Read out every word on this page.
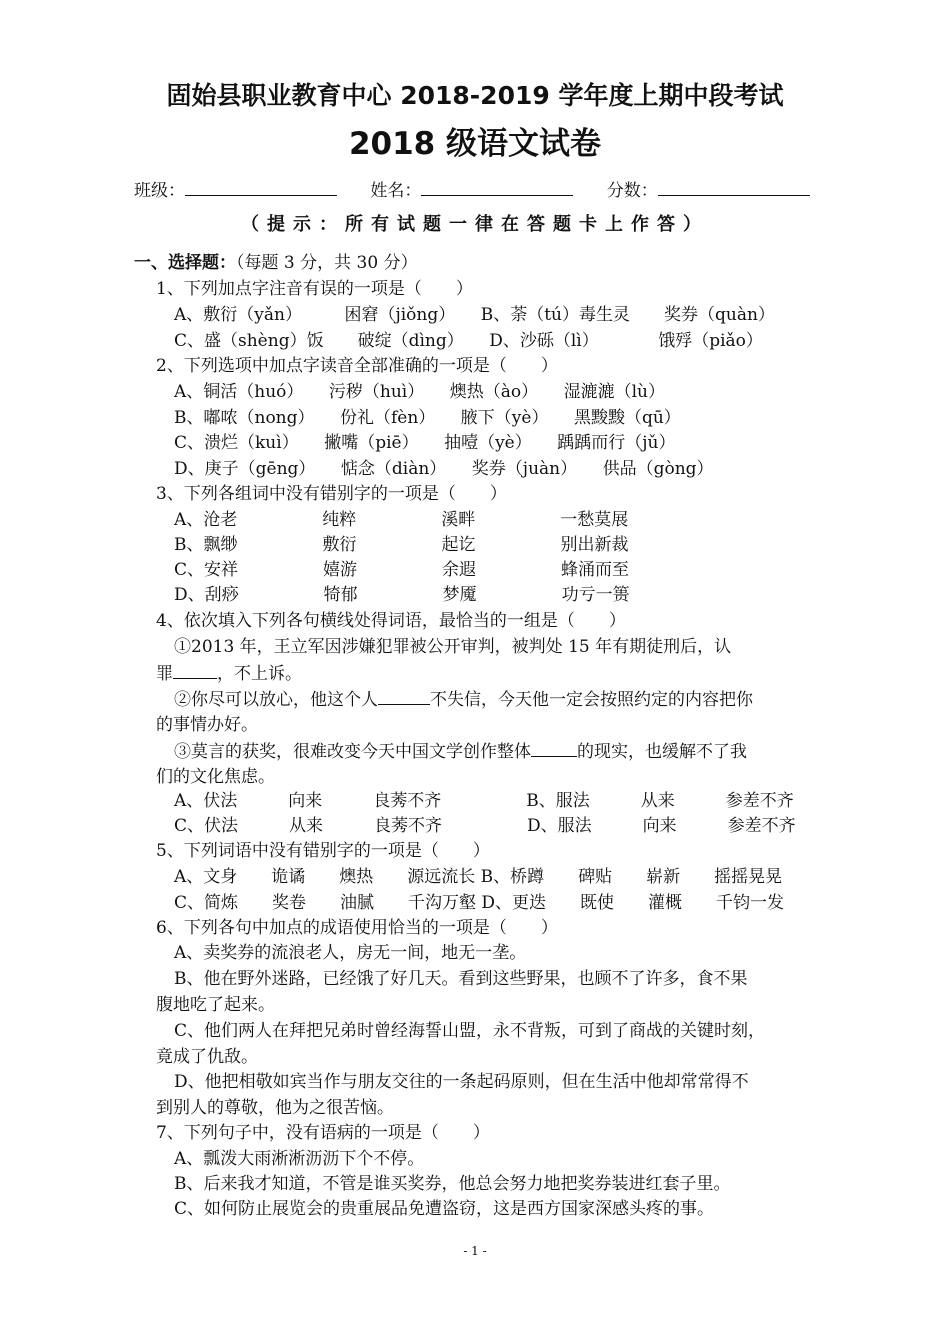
固始县职业教育中心 2018-2019 学年度上期中段考试
2018 级语文试卷
班级：	姓名：	分数：
（提示：所有试题一律在答题卡上作答）
一、选择题：（每题 3 分，共 30 分）
1、下列加点字注音有误的一项是（　　）
A、敷衍（yǎn）　　　困窘（jiǒng）　　B、荼（tú）毒生灵　　奖券（quàn）
C、盛（shèng）饭　　破绽（dìng）　　D、沙砾（lì）　　　　饿殍（piǎo）
2、下列选项中加点字读音全部准确的一项是（　　）
A、铜活（huó）　　污秽（huì）　　燠热（ào）　　湿漉漉（lù）
B、嘟哝（nong）　　份礼（fèn）　　腋下（yè）　　黑黢黢（qū）
C、溃烂（kuì）　　撇嘴（piē）　　抽噎（yè）　　踽踽而行（jǔ）
D、庚子（gēng）　　惦念（diàn）　　奖券（juàn）　　供品（gòng）
3、下列各组词中没有错别字的一项是（　　）
A、沧老　　　　　纯粹　　　　　溪畔　　　　　一愁莫展
B、飘缈　　　　　敷衍　　　　　起讫　　　　　别出新裁
C、安祥　　　　　嬉游　　　　　余遐　　　　　蜂涌而至
D、刮痧　　　　　犄郁　　　　　梦魇　　　　　功亏一篑
4、依次填入下列各句横线处得词语，最恰当的一组是（　　）
①2013 年，王立军因涉嫌犯罪被公开审判，被判处 15 年有期徒刑后，认
罪	，不上诉。
②你尽可以放心，他这个人	不失信，今天他一定会按照约定的内容把你
的事情办好。
③莫言的获奖，很难改变今天中国文学创作整体	的现实，也缓解不了我
们的文化焦虑。
A、伏法　　　向来　　　良莠不齐　　　　　B、服法　　　从来　　　参差不齐
C、伏法　　　从来　　　良莠不齐　　　　　D、服法　　　向来　　　参差不齐
5、下列词语中没有错别字的一项是（　　）
A、文身　　诡谲　　燠热　　源远流长 B、桥蹲　　碑贴　　崭新　　摇摇晃晃
C、简炼　　奖卷　　油腻　　千沟万壑 D、更迭　　既使　　灌概　　千钧一发
6、下列各句中加点的成语使用恰当的一项是（　　）
A、卖奖券的流浪老人，房无一间，地无一垄。
B、他在野外迷路，已经饿了好几天。看到这些野果，也顾不了许多，食不果
腹地吃了起来。
C、他们两人在拜把兄弟时曾经海誓山盟，永不背叛，可到了商战的关键时刻，
竟成了仇敌。
D、他把相敬如宾当作与朋友交往的一条起码原则，但在生活中他却常常得不
到别人的尊敬，他为之很苦恼。
7、下列句子中，没有语病的一项是（　　）
A、瓢泼大雨淅淅沥沥下个不停。
B、后来我才知道，不管是谁买奖券，他总会努力地把奖券装进红套子里。
C、如何防止展览会的贵重展品免遭盗窃，这是西方国家深感头疼的事。
- 1 -
